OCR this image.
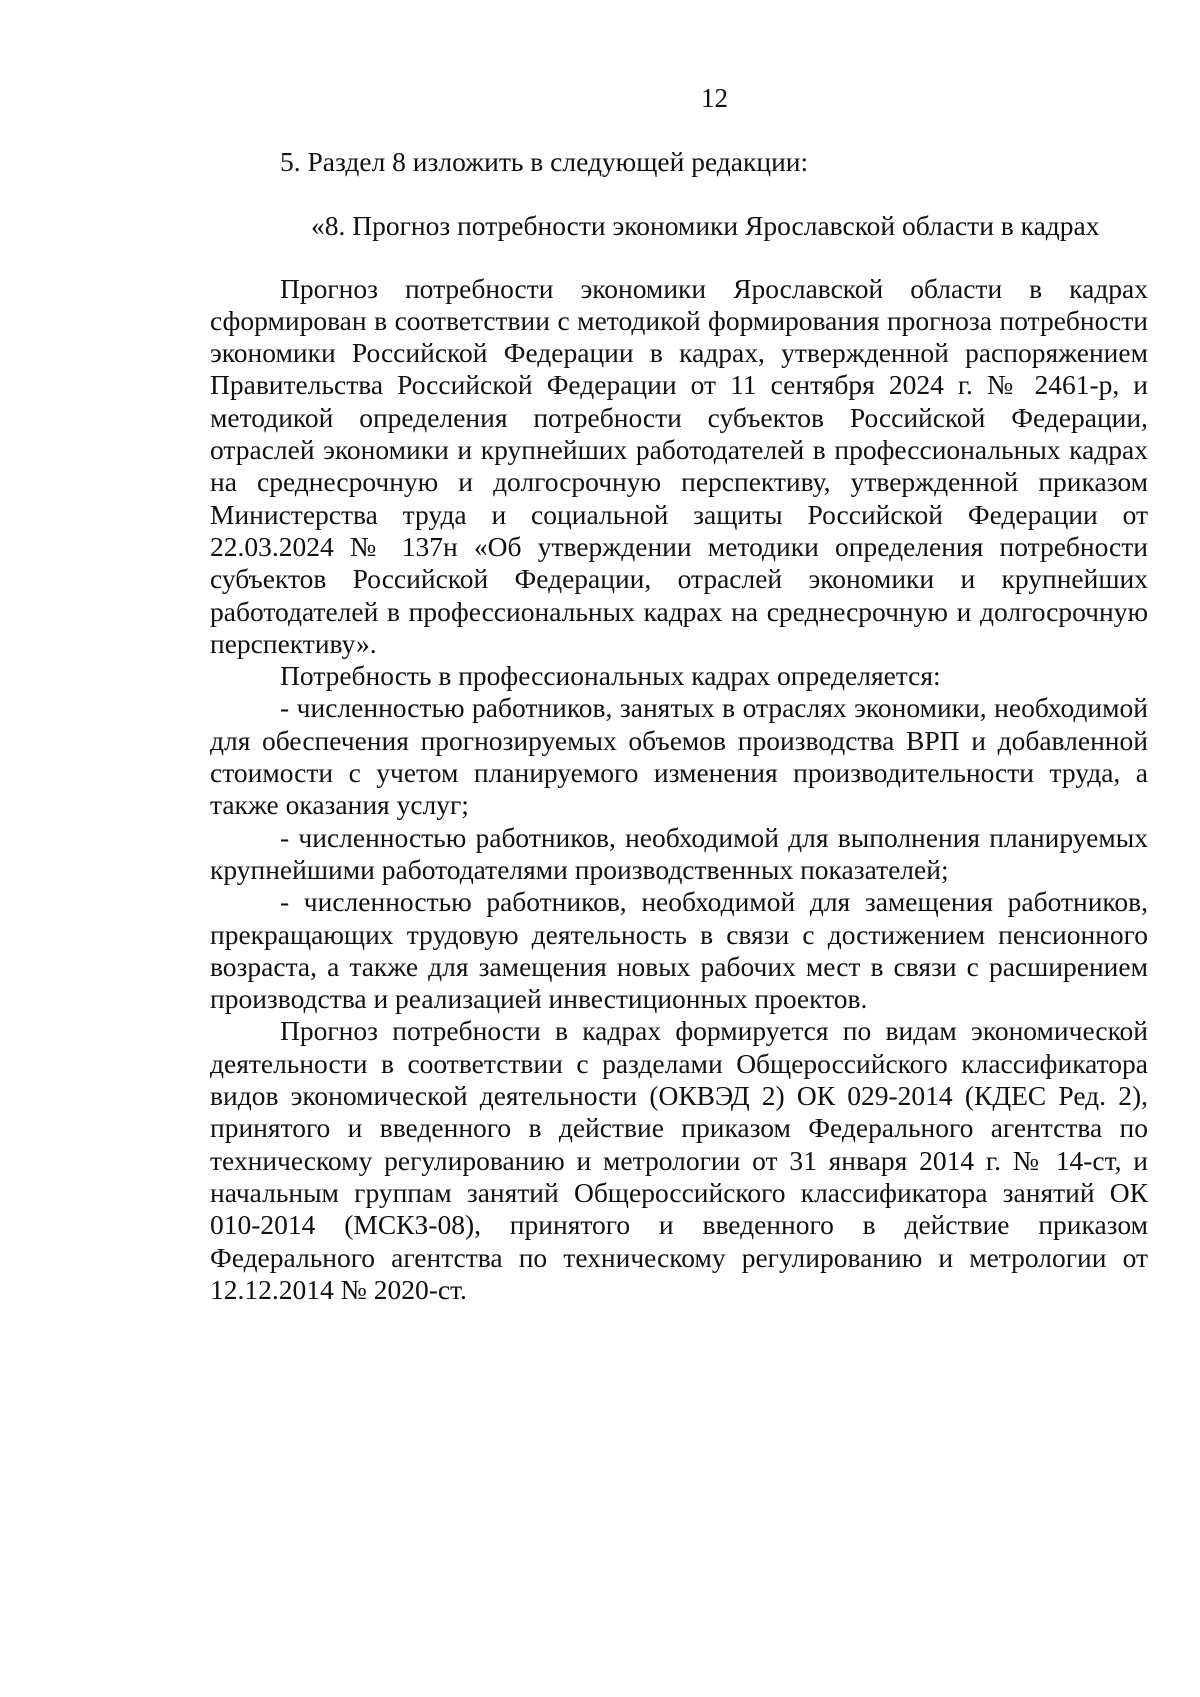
12

5. Раздел 8 изложить в следующей редакции:

«8. Прогноз потребности экономики Ярославской области в кадрах

Прогноз потребности экономики Ярославской области в кадрах сформирован в соответствии с методикой формирования прогноза потребности экономики Российской Федерации в кадрах, утвержденной распоряжением Правительства Российской Федерации от 11 сентября 2024 г. № 2461-р, и методикой определения потребности субъектов Российской Федерации, отраслей экономики и крупнейших работодателей в профессиональных кадрах на среднесрочную и долгосрочную перспективу, утвержденной приказом Министерства труда и социальной защиты Российской Федерации от 22.03.2024 № 137н «Об утверждении методики определения потребности субъектов Российской Федерации, отраслей экономики и крупнейших работодателей в профессиональных кадрах на среднесрочную и долгосрочную перспективу».

Потребность в профессиональных кадрах определяется:

- численностью работников, занятых в отраслях экономики, необходимой для обеспечения прогнозируемых объемов производства ВРП и добавленной стоимости с учетом планируемого изменения производительности труда, а также оказания услуг;

- численностью работников, необходимой для выполнения планируемых крупнейшими работодателями производственных показателей;

- численностью работников, необходимой для замещения работников, прекращающих трудовую деятельность в связи с достижением пенсионного возраста, а также для замещения новых рабочих мест в связи с расширением производства и реализацией инвестиционных проектов.

Прогноз потребности в кадрах формируется по видам экономической деятельности в соответствии с разделами Общероссийского классификатора видов экономической деятельности (ОКВЭД 2) ОК 029-2014 (КДЕС Ред. 2), принятого и введенного в действие приказом Федерального агентства по техническому регулированию и метрологии от 31 января 2014 г. № 14-ст, и начальным группам занятий Общероссийского классификатора занятий ОК 010-2014 (МСКЗ-08), принятого и введенного в действие приказом Федерального агентства по техническому регулированию и метрологии от 12.12.2014 № 2020-ст.
